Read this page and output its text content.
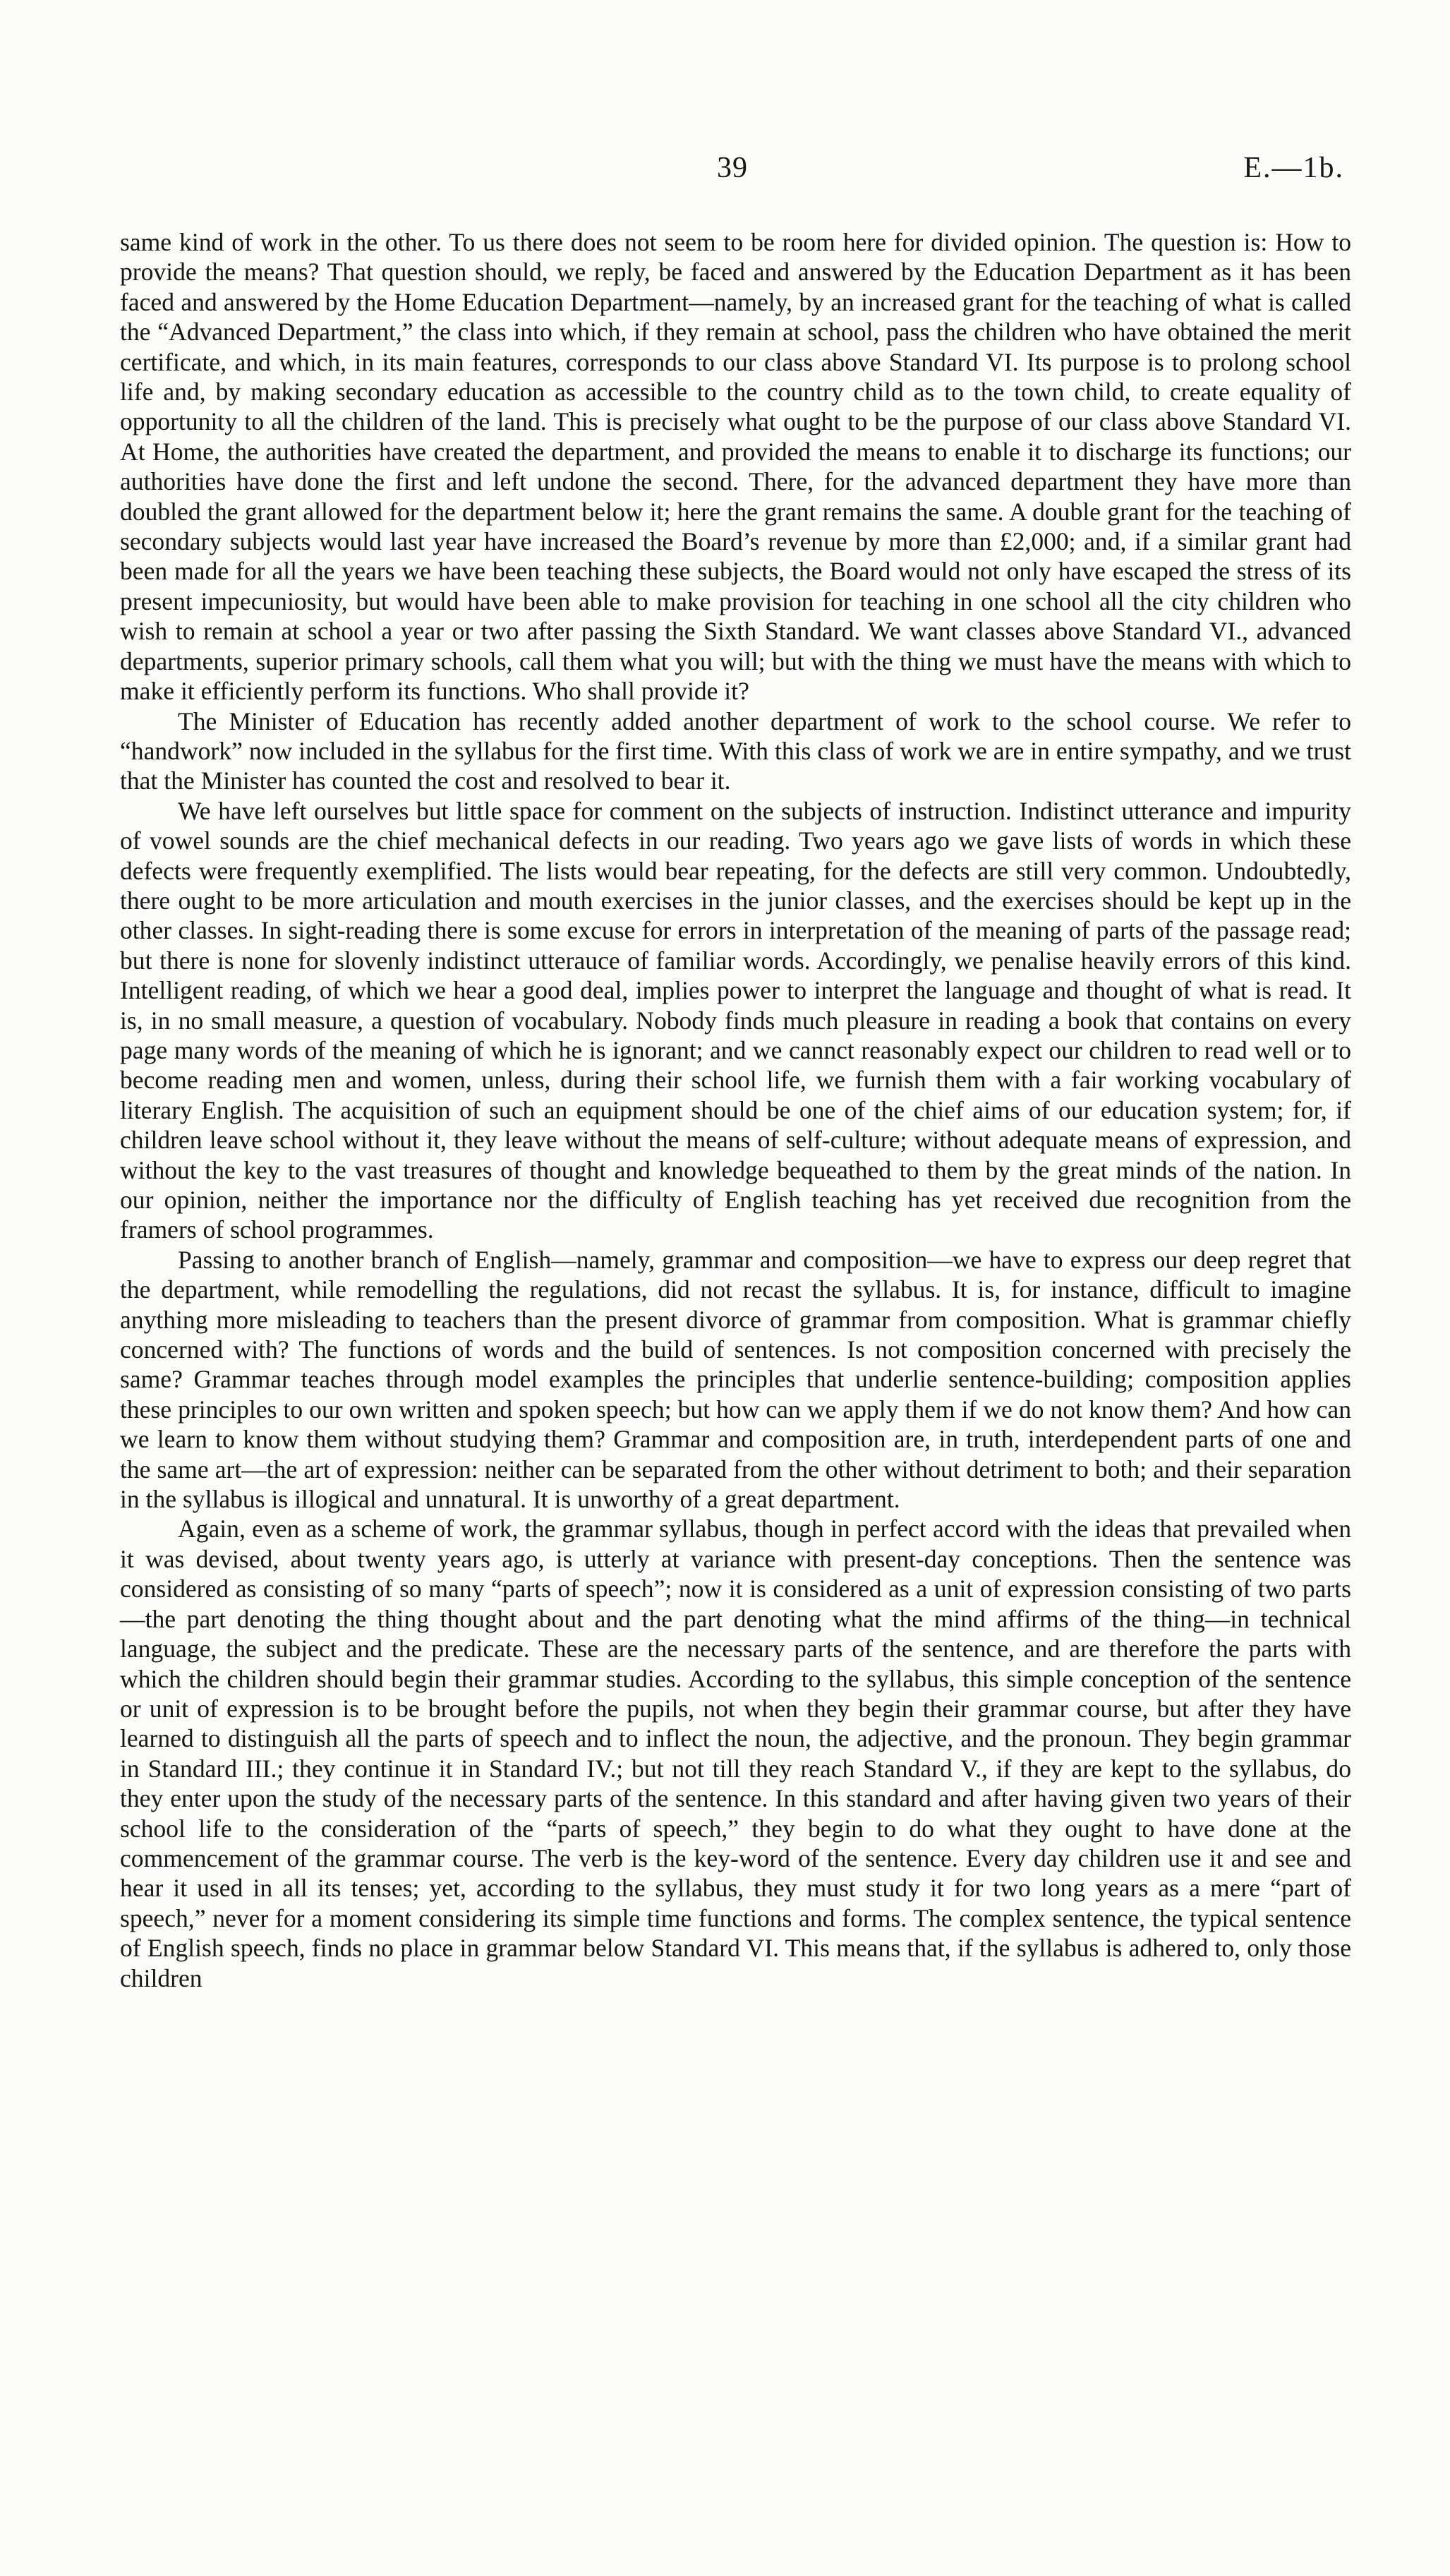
39	E.—1b.

same kind of work in the other. To us there does not seem to be room here for divided opinion. The question is: How to provide the means? That question should, we reply, be faced and answered by the Education Department as it has been faced and answered by the Home Education Department—namely, by an increased grant for the teaching of what is called the “Advanced Department,” the class into which, if they remain at school, pass the children who have obtained the merit certificate, and which, in its main features, corresponds to our class above Standard VI. Its purpose is to prolong school life and, by making secondary education as accessible to the country child as to the town child, to create equality of opportunity to all the children of the land. This is precisely what ought to be the purpose of our class above Standard VI. At Home, the authorities have created the department, and provided the means to enable it to discharge its functions; our authorities have done the first and left undone the second. There, for the advanced department they have more than doubled the grant allowed for the department below it; here the grant remains the same. A double grant for the teaching of secondary subjects would last year have increased the Board’s revenue by more than £2,000; and, if a similar grant had been made for all the years we have been teaching these subjects, the Board would not only have escaped the stress of its present impecuniosity, but would have been able to make provision for teaching in one school all the city children who wish to remain at school a year or two after passing the Sixth Standard. We want classes above Standard VI., advanced departments, superior primary schools, call them what you will; but with the thing we must have the means with which to make it efficiently perform its functions. Who shall provide it?

The Minister of Education has recently added another department of work to the school course. We refer to “handwork” now included in the syllabus for the first time. With this class of work we are in entire sympathy, and we trust that the Minister has counted the cost and resolved to bear it.

We have left ourselves but little space for comment on the subjects of instruction. Indistinct utterance and impurity of vowel sounds are the chief mechanical defects in our reading. Two years ago we gave lists of words in which these defects were frequently exemplified. The lists would bear repeating, for the defects are still very common. Undoubtedly, there ought to be more articulation and mouth exercises in the junior classes, and the exercises should be kept up in the other classes. In sight-reading there is some excuse for errors in interpretation of the meaning of parts of the passage read; but there is none for slovenly indistinct utterauce of familiar words. Accordingly, we penalise heavily errors of this kind. Intelligent reading, of which we hear a good deal, implies power to interpret the language and thought of what is read. It is, in no small measure, a question of vocabulary. Nobody finds much pleasure in reading a book that contains on every page many words of the meaning of which he is ignorant; and we cannct reasonably expect our children to read well or to become reading men and women, unless, during their school life, we furnish them with a fair working vocabulary of literary English. The acquisition of such an equipment should be one of the chief aims of our education system; for, if children leave school without it, they leave without the means of self-culture; without adequate means of expression, and without the key to the vast treasures of thought and knowledge bequeathed to them by the great minds of the nation. In our opinion, neither the importance nor the difficulty of English teaching has yet received due recognition from the framers of school programmes.

Passing to another branch of English—namely, grammar and composition—we have to express our deep regret that the department, while remodelling the regulations, did not recast the syllabus. It is, for instance, difficult to imagine anything more misleading to teachers than the present divorce of grammar from composition. What is grammar chiefly concerned with? The functions of words and the build of sentences. Is not composition concerned with precisely the same? Grammar teaches through model examples the principles that underlie sentence-building; composition applies these principles to our own written and spoken speech; but how can we apply them if we do not know them? And how can we learn to know them without studying them? Grammar and composition are, in truth, interdependent parts of one and the same art—the art of expression: neither can be separated from the other without detriment to both; and their separation in the syllabus is illogical and unnatural. It is unworthy of a great department.

Again, even as a scheme of work, the grammar syllabus, though in perfect accord with the ideas that prevailed when it was devised, about twenty years ago, is utterly at variance with present-day conceptions. Then the sentence was considered as consisting of so many “parts of speech”; now it is considered as a unit of expression consisting of two parts—the part denoting the thing thought about and the part denoting what the mind affirms of the thing—in technical language, the subject and the predicate. These are the necessary parts of the sentence, and are therefore the parts with which the children should begin their grammar studies. According to the syllabus, this simple conception of the sentence or unit of expression is to be brought before the pupils, not when they begin their grammar course, but after they have learned to distinguish all the parts of speech and to inflect the noun, the adjective, and the pronoun. They begin grammar in Standard III.; they continue it in Standard IV.; but not till they reach Standard V., if they are kept to the syllabus, do they enter upon the study of the necessary parts of the sentence. In this standard and after having given two years of their school life to the consideration of the “parts of speech,” they begin to do what they ought to have done at the commencement of the grammar course. The verb is the key-word of the sentence. Every day children use it and see and hear it used in all its tenses; yet, according to the syllabus, they must study it for two long years as a mere “part of speech,” never for a moment considering its simple time functions and forms. The complex sentence, the typical sentence of English speech, finds no place in grammar below Standard VI. This means that, if the syllabus is adhered to, only those children
